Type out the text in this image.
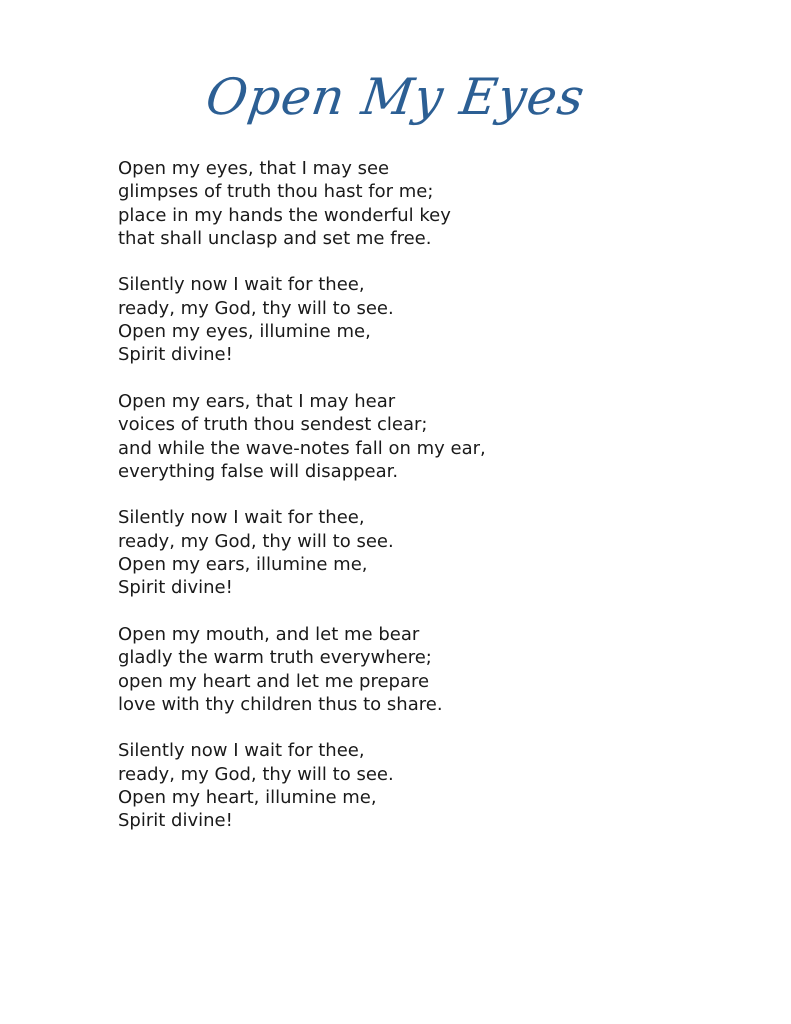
Open My Eyes
Open my eyes, that I may see
glimpses of truth thou hast for me;
place in my hands the wonderful key
that shall unclasp and set me free.
Silently now I wait for thee,
ready, my God, thy will to see.
Open my eyes, illumine me,
Spirit divine!
Open my ears, that I may hear
voices of truth thou sendest clear;
and while the wave-notes fall on my ear,
everything false will disappear.
Silently now I wait for thee,
ready, my God, thy will to see.
Open my ears, illumine me,
Spirit divine!
Open my mouth, and let me bear
gladly the warm truth everywhere;
open my heart and let me prepare
love with thy children thus to share.
Silently now I wait for thee,
ready, my God, thy will to see.
Open my heart, illumine me,
Spirit divine!
